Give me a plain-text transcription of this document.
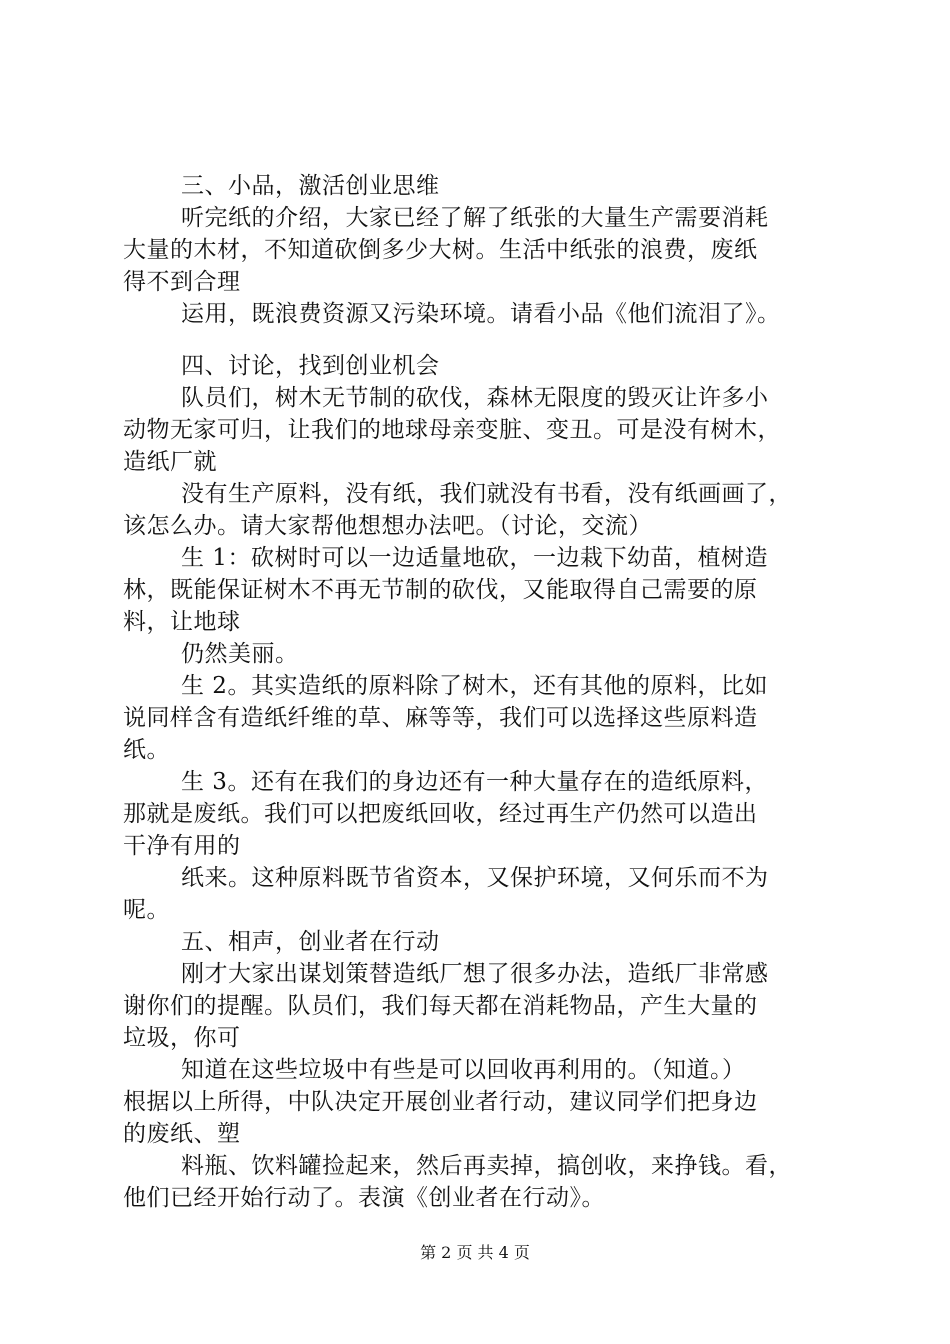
三、小品，激活创业思维
听完纸的介绍，大家已经了解了纸张的大量生产需要消耗
大量的木材，不知道砍倒多少大树。生活中纸张的浪费，废纸
得不到合理
运用，既浪费资源又污染环境。请看小品《他们流泪了》。
四、讨论，找到创业机会
队员们，树木无节制的砍伐，森林无限度的毁灭让许多小
动物无家可归，让我们的地球母亲变脏、变丑。可是没有树木，
造纸厂就
没有生产原料，没有纸，我们就没有书看，没有纸画画了，
该怎么办。请大家帮他想想办法吧。（讨论，交流）
生 1：砍树时可以一边适量地砍，一边栽下幼苗，植树造
林，既能保证树木不再无节制的砍伐，又能取得自己需要的原
料，让地球
仍然美丽。
生 2。其实造纸的原料除了树木，还有其他的原料，比如
说同样含有造纸纤维的草、麻等等，我们可以选择这些原料造
纸。
生 3。还有在我们的身边还有一种大量存在的造纸原料，
那就是废纸。我们可以把废纸回收，经过再生产仍然可以造出
干净有用的
纸来。这种原料既节省资本，又保护环境，又何乐而不为
呢。
五、相声，创业者在行动
刚才大家出谋划策替造纸厂想了很多办法，造纸厂非常感
谢你们的提醒。队员们，我们每天都在消耗物品，产生大量的
垃圾，你可
知道在这些垃圾中有些是可以回收再利用的。（知道。）
根据以上所得，中队决定开展创业者行动，建议同学们把身边
的废纸、塑
料瓶、饮料罐捡起来，然后再卖掉，搞创收，来挣钱。看，
他们已经开始行动了。表演《创业者在行动》。
第 2 页 共 4 页
